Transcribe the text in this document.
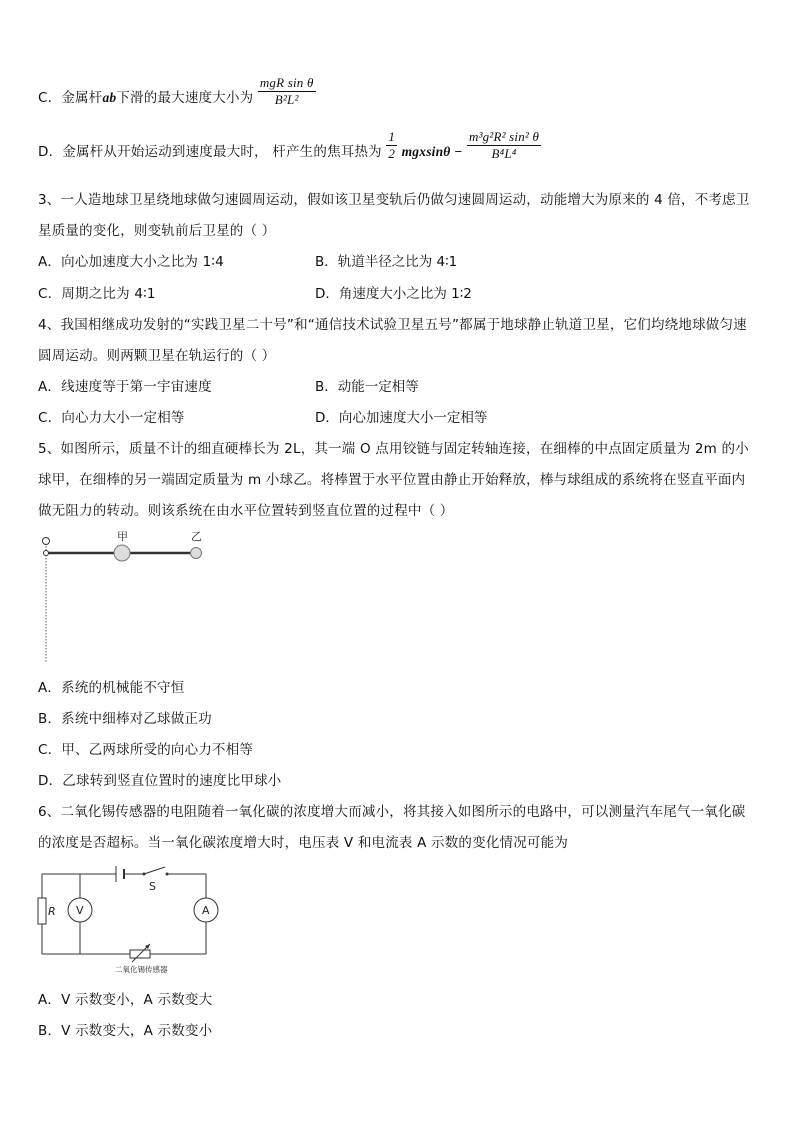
C．金属杆ab下滑的最大速度大小为 $\frac{\text{mgR sin θ}}{\text{B²L²}}$
D．金属杆从开始运动到速度最大时， 杆产生的焦耳热为 $\frac{1}{2}$ $mgxsin\theta - \frac{\text{m³g²R² sin² θ}}{\text{B⁴L⁴}}$
3、一人造地球卫星绕地球做匀速圆周运动，假如该卫星变轨后仍做匀速圆周运动，动能增大为原来的 4 倍，不考虑卫
星质量的变化，则变轨前后卫星的（ ）
A．向心加速度大小之比为 1∶4	B．轨道半径之比为 4∶1
C．周期之比为 4∶1	D．角速度大小之比为 1∶2
4、我国相继成功发射的“实践卫星二十号”和“通信技术试验卫星五号”都属于地球静止轨道卫星，它们均绕地球做匀速
圆周运动。则两颗卫星在轨运行的（ ）
A．线速度等于第一宇宙速度	B．动能一定相等
C．向心力大小一定相等	D．向心加速度大小一定相等
5、如图所示，质量不计的细直硬棒长为 2L，其一端 O 点用铰链与固定转轴连接，在细棒的中点固定质量为 2m 的小
球甲，在细棒的另一端固定质量为 m 小球乙。将棒置于水平位置由静止开始释放，棒与球组成的系统将在竖直平面内
做无阻力的转动。则该系统在由水平位置转到竖直位置的过程中（ ）
甲	乙
A．系统的机械能不守恒
B．系统中细棒对乙球做正功
C．甲、乙两球所受的向心力不相等
D．乙球转到竖直位置时的速度比甲球小
6、二氧化锡传感器的电阻随着一氧化碳的浓度增大而减小，将其接入如图所示的电路中，可以测量汽车尾气一氧化碳
的浓度是否超标。当一氧化碳浓度增大时，电压表 V 和电流表 A 示数的变化情况可能为
S
R V	A
二氧化锡传感器
A．V 示数变小，A 示数变大
B．V 示数变大，A 示数变小
